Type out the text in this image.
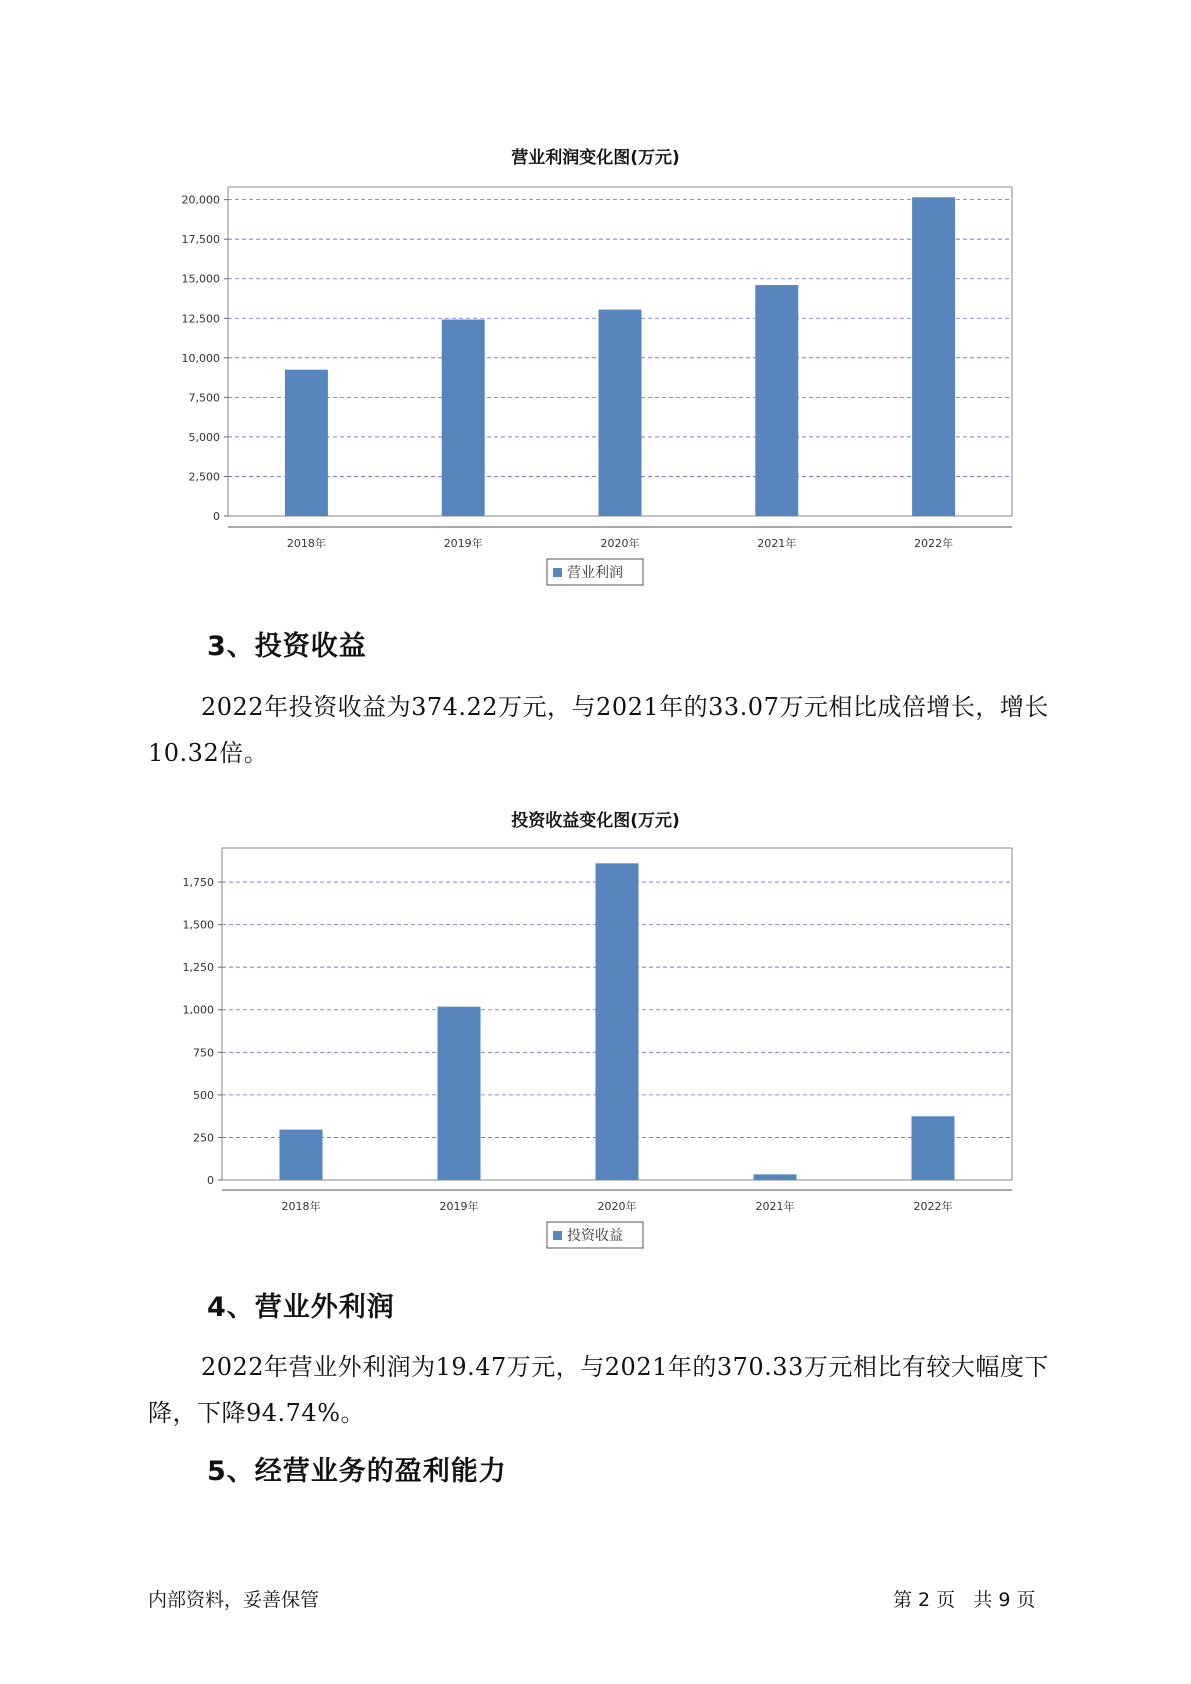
营业利润变化图(万元)
0
2,500
5,000
7,500
10,000
12,500
15,000
17,500
20,000
2018年	2019年	2020年	2021年	2022年
营业利润
3、投资收益
2022年投资收益为374.22万元，与2021年的33.07万元相比成倍增长，增长10.32倍。
投资收益变化图(万元)
0
250
500
750
1,000
1,250
1,500
1,750
2018年	2019年	2020年	2021年	2022年
投资收益
4、营业外利润
2022年营业外利润为19.47万元，与2021年的370.33万元相比有较大幅度下降，下降94.74%。
5、经营业务的盈利能力
内部资料，妥善保管	第 2 页   共 9 页
